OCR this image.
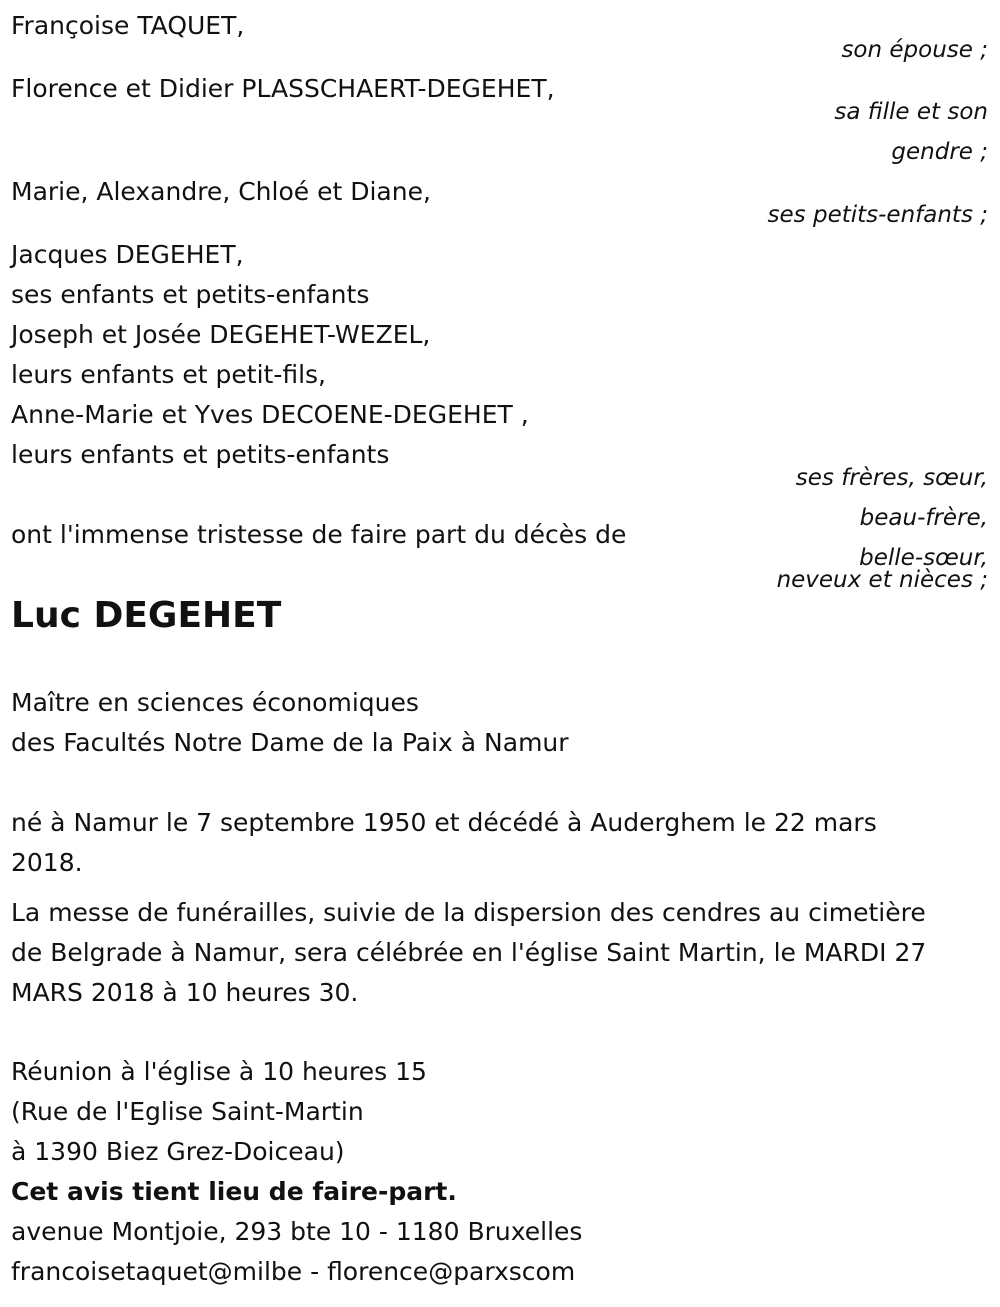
Françoise TAQUET,

son épouse ;

Florence et Didier PLASSCHAERT-DEGEHET,

sa fille et son

gendre ;

Marie, Alexandre, Chloé et Diane,

ses petits-enfants ;

Jacques DEGEHET,

ses enfants et petits-enfants

Joseph et Josée DEGEHET-WEZEL,

leurs enfants et petit-fils,

Anne-Marie et Yves DECOENE-DEGEHET ,

leurs enfants et petits-enfants

ses frères, sœur,

beau-frère,

belle-sœur,

neveux et nièces ;

ont l'immense tristesse de faire part du décès de

Luc DEGEHET

Maître en sciences économiques

des Facultés Notre Dame de la Paix à Namur

né à Namur le 7 septembre 1950 et décédé à Auderghem le 22 mars

2018.

La messe de funérailles, suivie de la dispersion des cendres au cimetière

de Belgrade à Namur, sera célébrée en l'église Saint Martin, le MARDI 27

MARS 2018 à 10 heures 30.

Réunion à l'église à 10 heures 15

(Rue de l'Eglise Saint-Martin

à 1390 Biez Grez-Doiceau)

Cet avis tient lieu de faire-part.

avenue Montjoie, 293 bte 10 - 1180 Bruxelles

francoisetaquet@milbe - florence@parxscom
